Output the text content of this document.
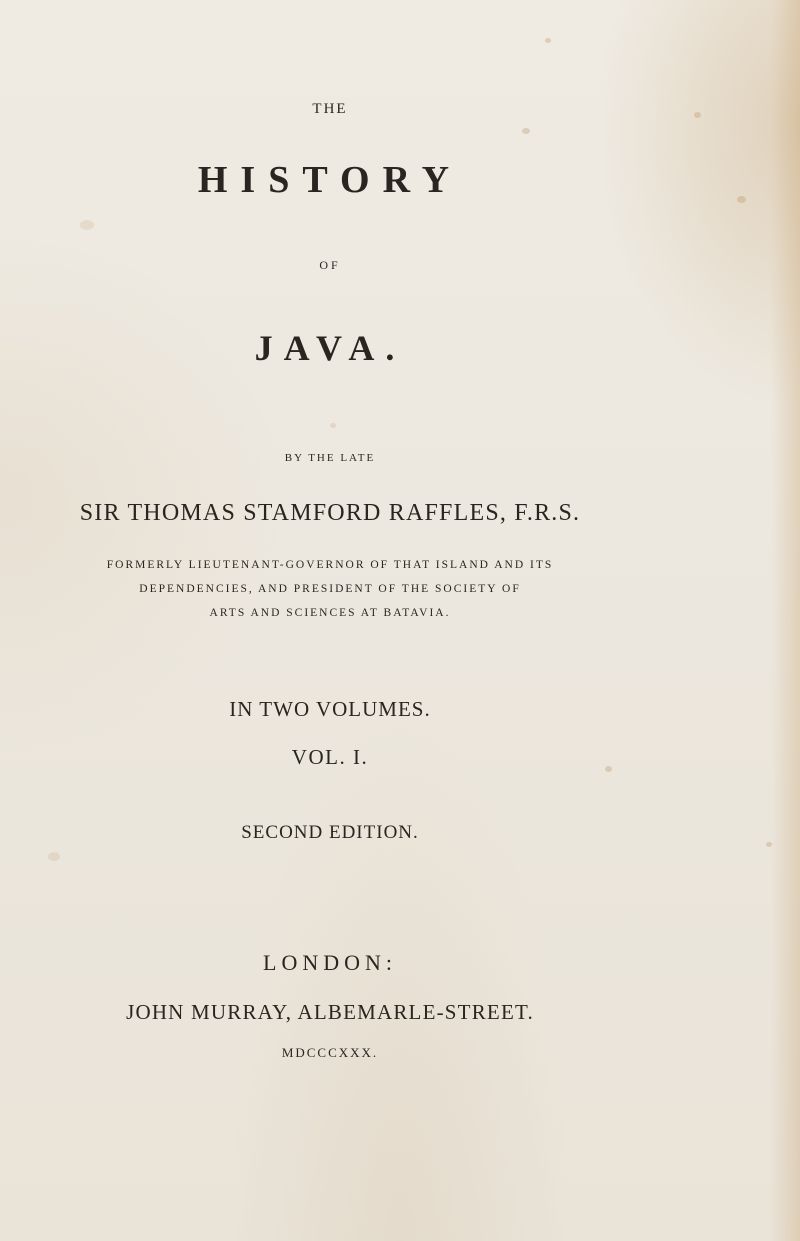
THE
HISTORY
OF
JAVA.
BY THE LATE
SIR THOMAS STAMFORD RAFFLES, F.R.S.
FORMERLY LIEUTENANT-GOVERNOR OF THAT ISLAND AND ITS
DEPENDENCIES, AND PRESIDENT OF THE SOCIETY OF
ARTS AND SCIENCES AT BATAVIA.
IN TWO VOLUMES.
VOL. I.
SECOND EDITION.
LONDON:
JOHN MURRAY, ALBEMARLE-STREET.
MDCCCXXX.
